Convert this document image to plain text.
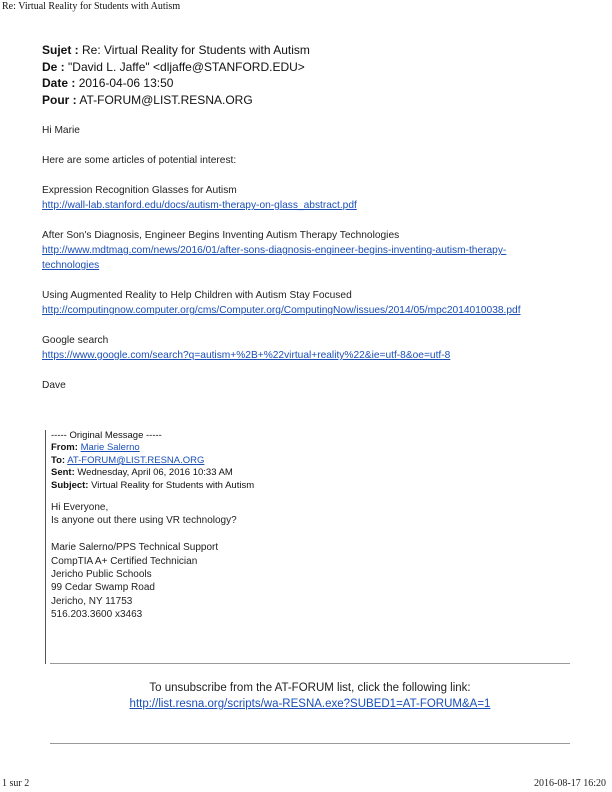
Re: Virtual Reality for Students with Autism
Sujet : Re: Virtual Reality for Students with Autism
De : "David L. Jaffe" <dljaffe@STANFORD.EDU>
Date : 2016-04-06 13:50
Pour : AT-FORUM@LIST.RESNA.ORG

Hi Marie

Here are some articles of potential interest:

Expression Recognition Glasses for Autism

http://wall-lab.stanford.edu/docs/autism-therapy-on-glass_abstract.pdf

After Son's Diagnosis, Engineer Begins Inventing Autism Therapy Technologies

http://www.mdtmag.com/news/2016/01/after-sons-diagnosis-engineer-begins-inventing-autism-therapy-
technologies

Using Augmented Reality to Help Children with Autism Stay Focused

http://computingnow.computer.org/cms/Computer.org/ComputingNow/issues/2014/05/mpc2014010038.pdf

Google search

https://www.google.com/search?q=autism+%2B+%22virtual+reality%22&ie=utf-8&oe=utf-8

Dave

----- Original Message -----

From: Marie Salerno

To: AT-FORUM@LIST.RESNA.ORG

Sent: Wednesday, April 06, 2016 10:33 AM

Subject: Virtual Reality for Students with Autism

Hi Everyone,

Is anyone out there using VR technology?

Marie Salerno/PPS Technical Support

CompTIA A+ Certified Technician

Jericho Public Schools

99 Cedar Swamp Road

Jericho, NY 11753

516.203.3600 x3463

To unsubscribe from the AT-FORUM list, click the following link:

http://list.resna.org/scripts/wa-RESNA.exe?SUBED1=AT-FORUM&A=1

1 sur 2	2016-08-17 16:20
